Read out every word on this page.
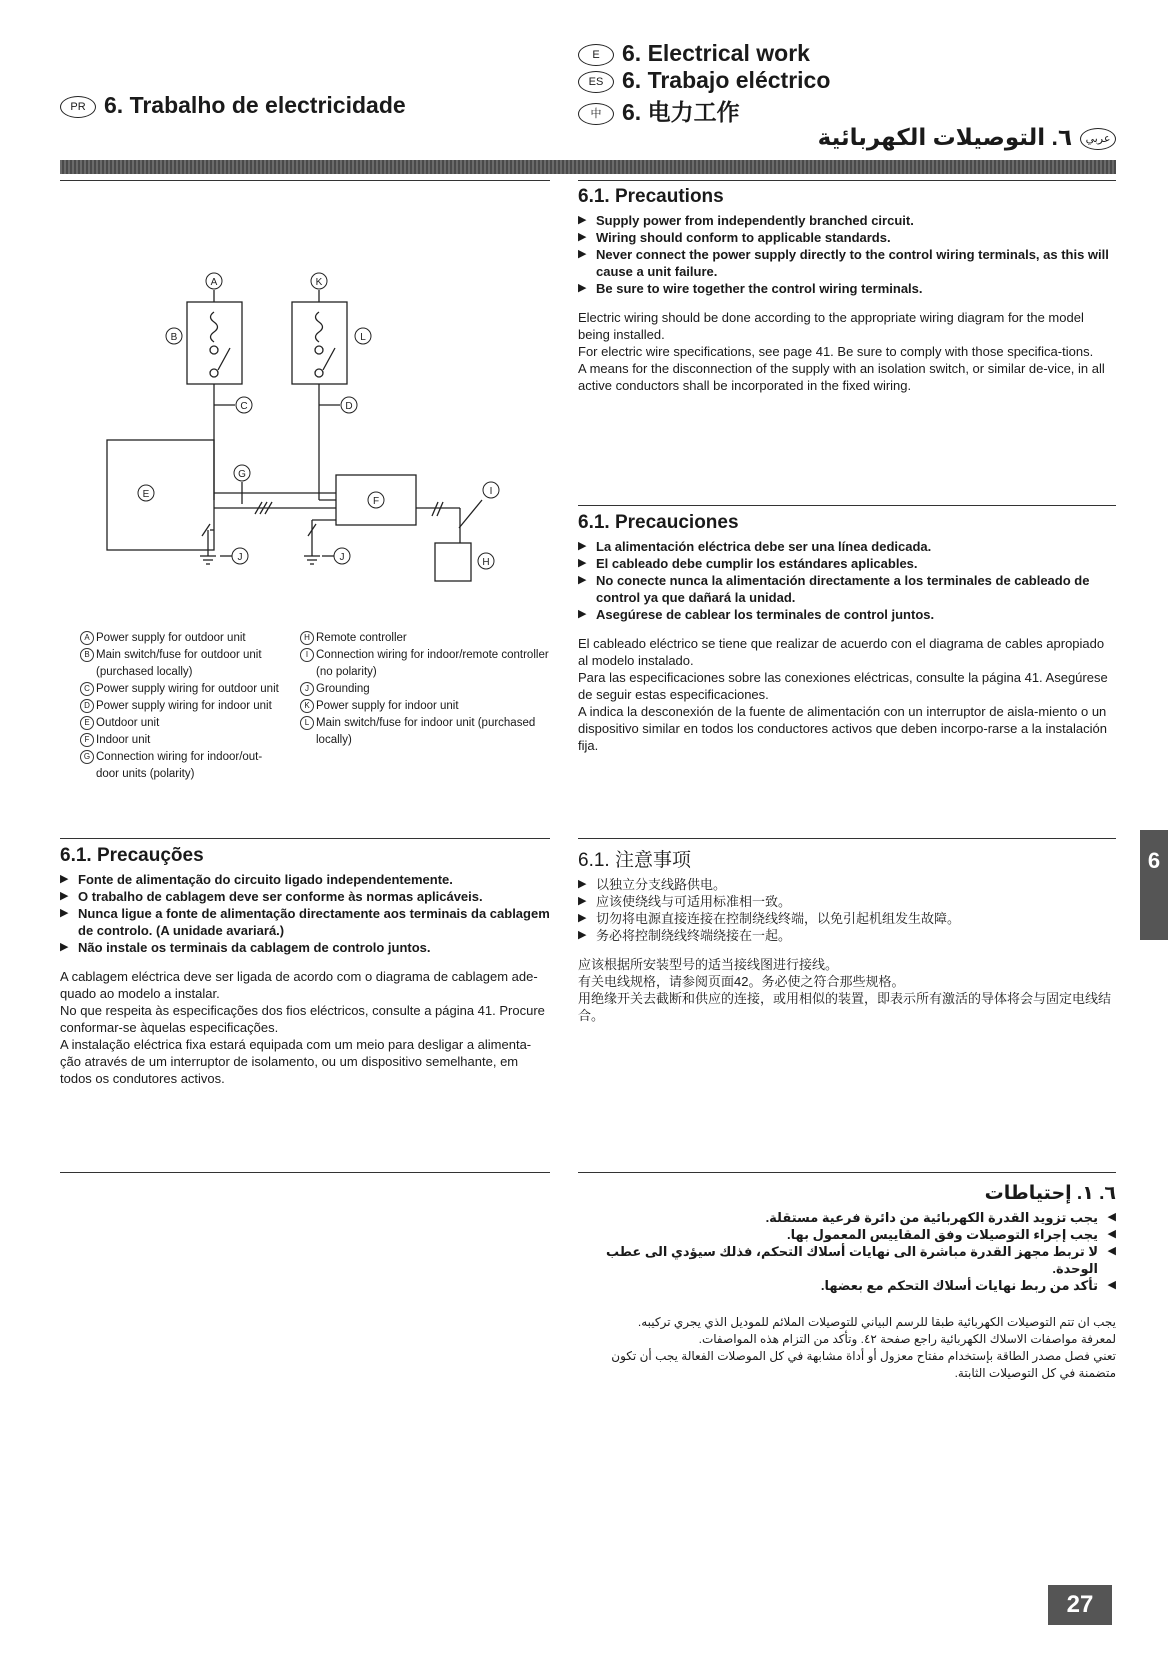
PR 6. Trabalho de electricidade
E 6. Electrical work
ES 6. Trabajo eléctrico
中 6. 电力工作
عربي٦. التوصيلات الكهربائية
A
B
C	D
E
F
G
H
I
J	J
K
L
A Power supply for outdoor unit
B Main switch/fuse for outdoor unit (purchased locally)
C Power supply wiring for outdoor unit
D Power supply wiring for indoor unit
E Outdoor unit
F Indoor unit
G Connection wiring for indoor/out-door units (polarity)
H Remote controller
I Connection wiring for indoor/remote controller (no polarity)
J Grounding
K Power supply for indoor unit
L Main switch/fuse for indoor unit (purchased locally)
6.1. Precautions

▶ Supply power from independently branched circuit.

▶ Wiring should conform to applicable standards.

▶ Never connect the power supply directly to the control wiring terminals, as this will cause a unit failure.

▶ Be sure to wire together the control wiring terminals.

Electric wiring should be done according to the appropriate wiring diagram for the model being installed.

For electric wire specifications, see page 41. Be sure to comply with those specifica-tions.

A means for the disconnection of the supply with an isolation switch, or similar de-vice, in all active conductors shall be incorporated in the fixed wiring.

6.1. Precauciones

▶ La alimentación eléctrica debe ser una línea dedicada.

▶ El cableado debe cumplir los estándares aplicables.

▶ No conecte nunca la alimentación directamente a los terminales de cableado de control ya que dañará la unidad.

▶ Asegúrese de cablear los terminales de control juntos.

El cableado eléctrico se tiene que realizar de acuerdo con el diagrama de cables apropiado al modelo instalado.

Para las especificaciones sobre las conexiones eléctricas, consulte la página 41. Asegúrese de seguir estas especificaciones.

A indica la desconexión de la fuente de alimentación con un interruptor de aisla-miento o un dispositivo similar en todos los conductores activos que deben incorpo-rarse a la instalación fija.

6.1. Precauções

▶ Fonte de alimentação do circuito ligado independentemente.

▶ O trabalho de cablagem deve ser conforme às normas aplicáveis.

▶ Nunca ligue a fonte de alimentação directamente aos terminais da cablagem de controlo. (A unidade avariará.)

▶ Não instale os terminais da cablagem de controlo juntos.

A cablagem eléctrica deve ser ligada de acordo com o diagrama de cablagem ade-quado ao modelo a instalar.

No que respeita às especificações dos fios eléctricos, consulte a página 41. Procure conformar-se àquelas especificações.

A instalação eléctrica fixa estará equipada com um meio para desligar a alimenta-ção através de um interruptor de isolamento, ou um dispositivo semelhante, em todos os condutores activos.

6.1. 注意事项

▶ 以独立分支线路供电。

▶ 应该使绕线与可适用标准相一致。

▶ 切勿将电源直接连接在控制绕线终端，以免引起机组发生故障。

▶ 务必将控制绕线终端绕接在一起。

应该根据所安装型号的适当接线图进行接线。

有关电线规格，请参阅页面42。务必使之符合那些规格。

用绝缘开关去截断和供应的连接，或用相似的装置，即表示所有激活的导体将会与固定电线结合。

٦. ١. إحتياطات

◀ يجب تزويد القدرة الكهربائية من دائرة فرعية مستقلة.

◀ يجب إجراء التوصيلات وفق المقاييس المعمول بها.

◀ لا تربط مجهز القدرة مباشرة الى نهايات أسلاك التحكم، فذلك سيؤدي الى عطب الوحدة.

◀ تأكد من ربط نهايات أسلاك التحكم مع بعضها.

يجب ان تتم التوصيلات الكهربائية طبقا للرسم البياني للتوصيلات الملائم للموديل الذي يجري تركيبه.

لمعرفة مواصفات الاسلاك الكهربائية راجع صفحة ٤٢. وتأكد من التزام هذه المواصفات.

تعني فصل مصدر الطاقة بإستخدام مفتاح معزول أو أداة مشابهة في كل الموصلات الفعالة يجب أن تكون متضمنة في كل التوصيلات الثابتة.

6
27
